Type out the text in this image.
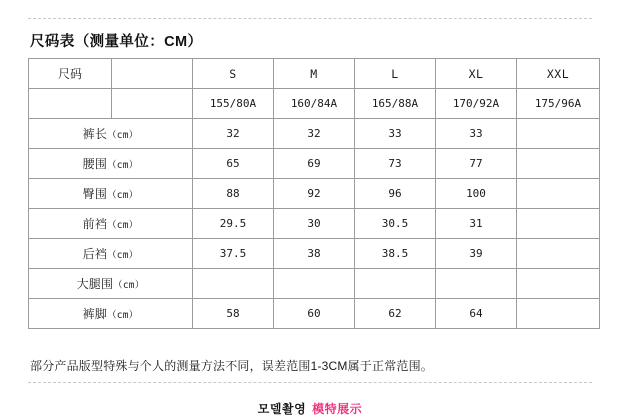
尺码表（测量单位：CM）
尺码		S	M	L	XL	XXL
		155/80A	160/84A	165/88A	170/92A	175/96A
裤长（cm）		32	32	33	33	
腰围（cm）		65	69	73	77	
臀围（cm）		88	92	96	100	
前裆（cm）		29.5	30	30.5	31	
后裆（cm）		37.5	38	38.5	39	
大腿围（cm）						
裤脚（cm）		58	60	62	64	
部分产品版型特殊与个人的测量方法不同，误差范围1-3CM属于正常范围。
모델촬영 模特展示
